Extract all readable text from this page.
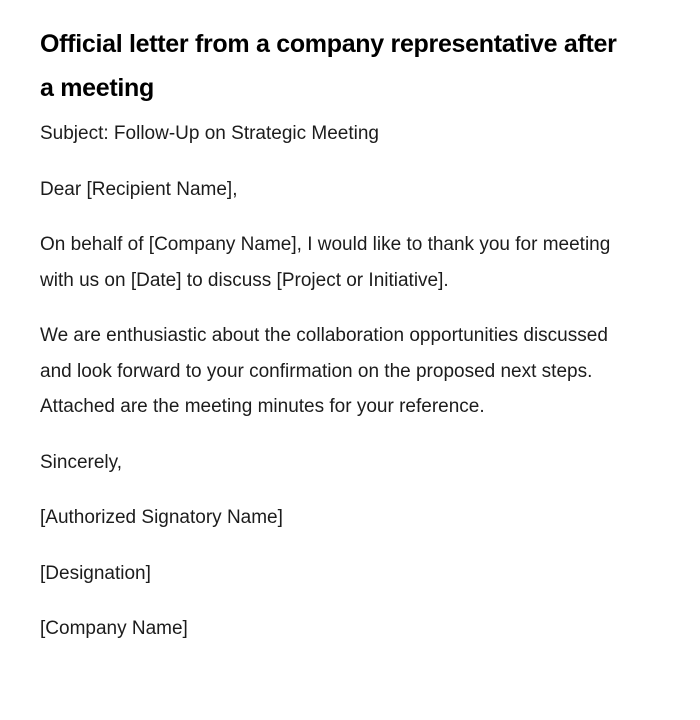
Official letter from a company representative after a meeting

Subject: Follow-Up on Strategic Meeting

Dear [Recipient Name],

On behalf of [Company Name], I would like to thank you for meeting with us on [Date] to discuss [Project or Initiative].

We are enthusiastic about the collaboration opportunities discussed and look forward to your confirmation on the proposed next steps. Attached are the meeting minutes for your reference.

Sincerely,

[Authorized Signatory Name]

[Designation]

[Company Name]
